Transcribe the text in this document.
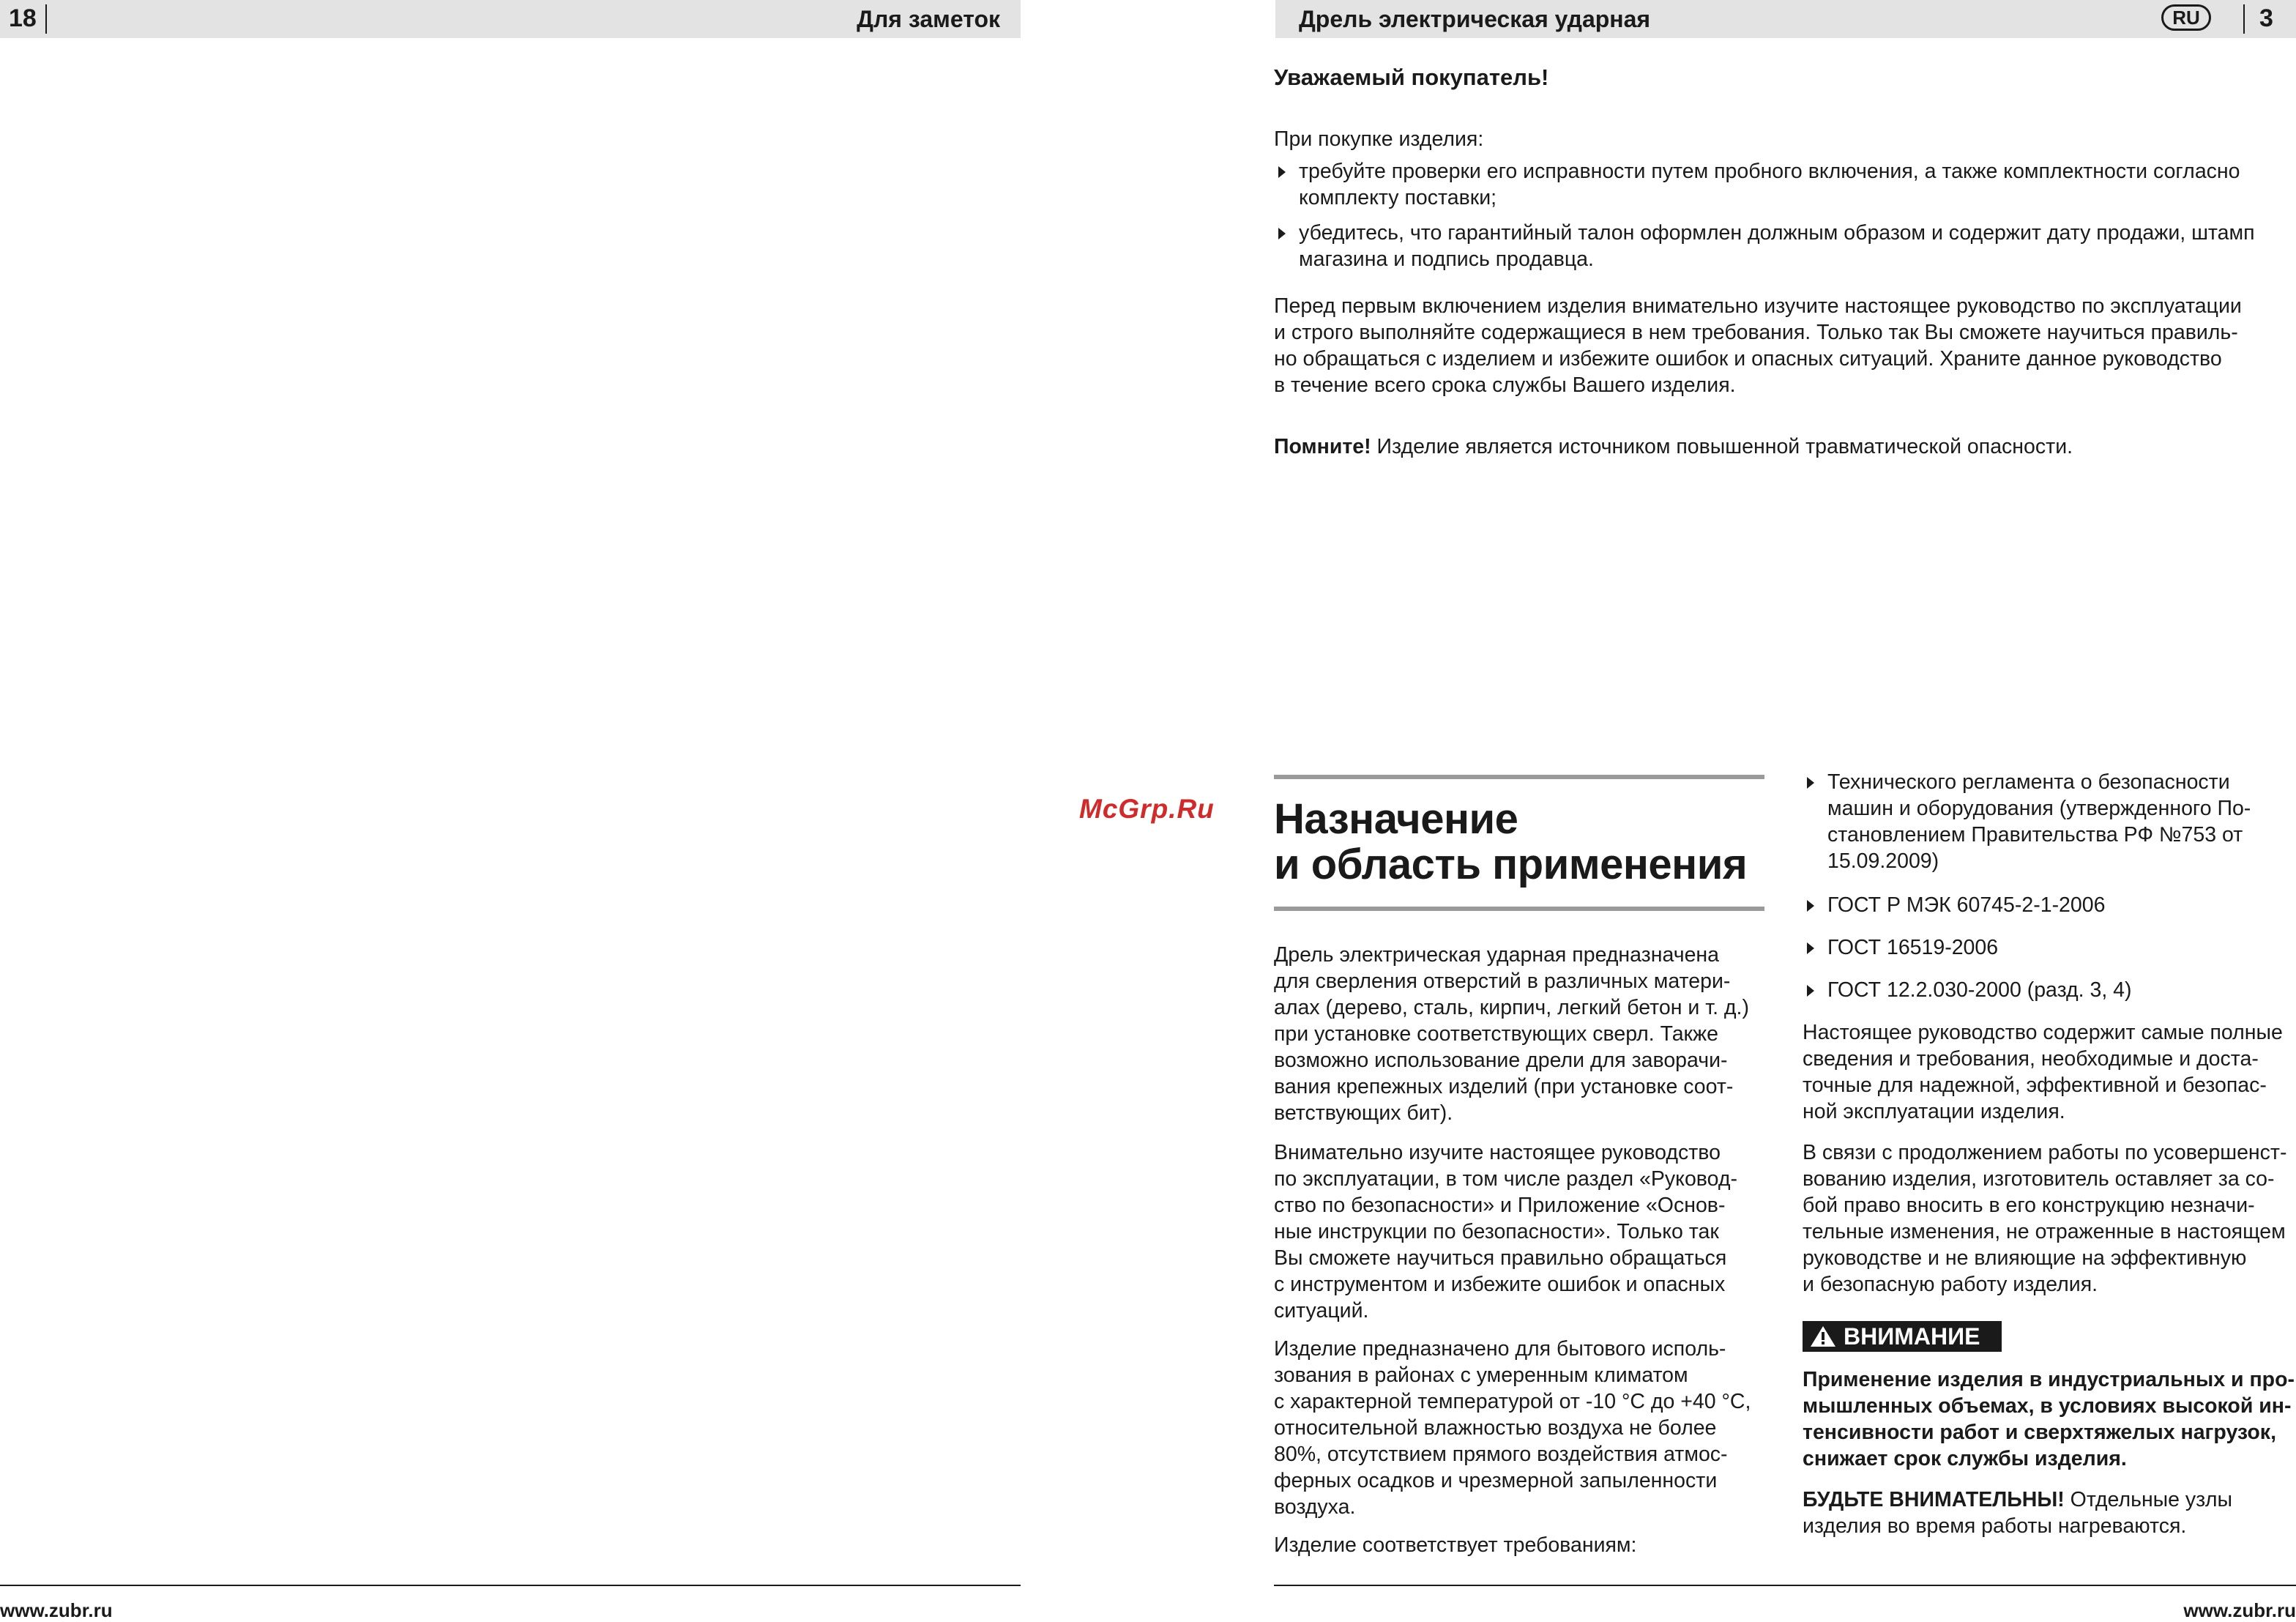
18	Для заметок
www.zubr.ru
McGrp.Ru
Дрель электрическая ударная	RU	3
Уважаемый покупатель!
При покупке изделия:
требуйте проверки его исправности путем пробного включения, а также комплектности согласно
комплекту поставки;
убедитесь, что гарантийный талон оформлен должным образом и содержит дату продажи, штамп
магазина и подпись продавца.
Перед первым включением изделия внимательно изучите настоящее руководство по эксплуатации
и строго выполняйте содержащиеся в нем требования. Только так Вы сможете научиться правиль-
но обращаться с изделием и избежите ошибок и опасных ситуаций. Храните данное руководство
в течение всего срока службы Вашего изделия.
Помните! Изделие является источником повышенной травматической опасности.
Назначение
и область применения
Дрель электрическая ударная предназначена
для сверления отверстий в различных матери-
алах (дерево, сталь, кирпич, легкий бетон и т. д.)
при установке соответствующих сверл. Также
возможно использование дрели для заворачи-
вания крепежных изделий (при установке соот-
ветствующих бит).
Внимательно изучите настоящее руководство
по эксплуатации, в том числе раздел «Руковод-
ство по безопасности» и Приложение «Основ-
ные инструкции по безопасности». Только так
Вы сможете научиться правильно обращаться
с инструментом и избежите ошибок и опасных
ситуаций.
Изделие предназначено для бытового исполь-
зования в районах с умеренным климатом
с характерной температурой от -10 °С до +40 °С,
относительной влажностью воздуха не более
80%, отсутствием прямого воздействия атмос-
ферных осадков и чрезмерной запыленности
воздуха.
Изделие соответствует требованиям:
Технического регламента о безопасности
машин и оборудования (утвержденного По-
становлением Правительства РФ №753 от
15.09.2009)
ГОСТ Р МЭК 60745-2-1-2006
ГОСТ 16519-2006
ГОСТ 12.2.030-2000 (разд. 3, 4)
Настоящее руководство содержит самые полные
сведения и требования, необходимые и доста-
точные для надежной, эффективной и безопас-
ной эксплуатации изделия.
В связи с продолжением работы по усовершенст-
вованию изделия, изготовитель оставляет за со-
бой право вносить в его конструкцию незначи-
тельные изменения, не отраженные в настоящем
руководстве и не влияющие на эффективную
и безопасную работу изделия.
ВНИМАНИЕ
Применение изделия в индустриальных и про-
мышленных объемах, в условиях высокой ин-
тенсивности работ и сверхтяжелых нагрузок,
снижает срок службы изделия.
БУДЬТЕ ВНИМАТЕЛЬНЫ! Отдельные узлы
изделия во время работы нагреваются.
www.zubr.ru
